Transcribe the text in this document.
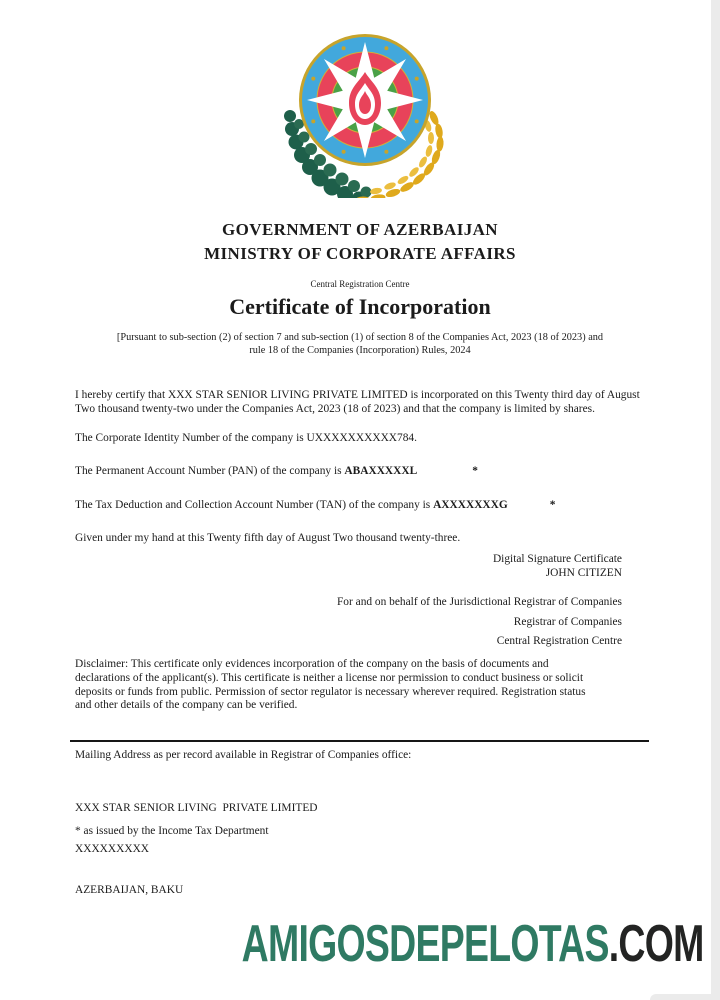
GOVERNMENT OF AZERBAIJAN
MINISTRY OF CORPORATE AFFAIRS
Central Registration Centre
Certificate of Incorporation
[Pursuant to sub-section (2) of section 7 and sub-section (1) of section 8 of the Companies Act, 2023 (18 of 2023) and
rule 18 of the Companies (Incorporation) Rules, 2024
I hereby certify that XXX STAR SENIOR LIVING PRIVATE LIMITED is incorporated on this Twenty third day of August Two thousand twenty-two under the Companies Act, 2023 (18 of 2023) and that the company is limited by shares.
The Corporate Identity Number of the company is UXXXXXXXXXX784.
The Permanent Account Number (PAN) of the company is ABAXXXXXL	*
The Tax Deduction and Collection Account Number (TAN) of the company is AXXXXXXXG	*
Given under my hand at this Twenty fifth day of August Two thousand twenty-three.
Digital Signature Certificate
JOHN CITIZEN
For and on behalf of the Jurisdictional Registrar of Companies
Registrar of Companies
Central Registration Centre
Disclaimer: This certificate only evidences incorporation of the company on the basis of documents and declarations of the applicant(s). This certificate is neither a license nor permission to conduct business or solicit deposits or funds from public. Permission of sector regulator is necessary wherever required. Registration status and other details of the company can be verified.
Mailing Address as per record available in Registrar of Companies office:

XXX STAR SENIOR LIVING  PRIVATE LIMITED

XXXXXXXXX

AZERBAIJAN, BAKU

* as issued by the Income Tax Department
AMIGOSDEPELOTAS.COM
